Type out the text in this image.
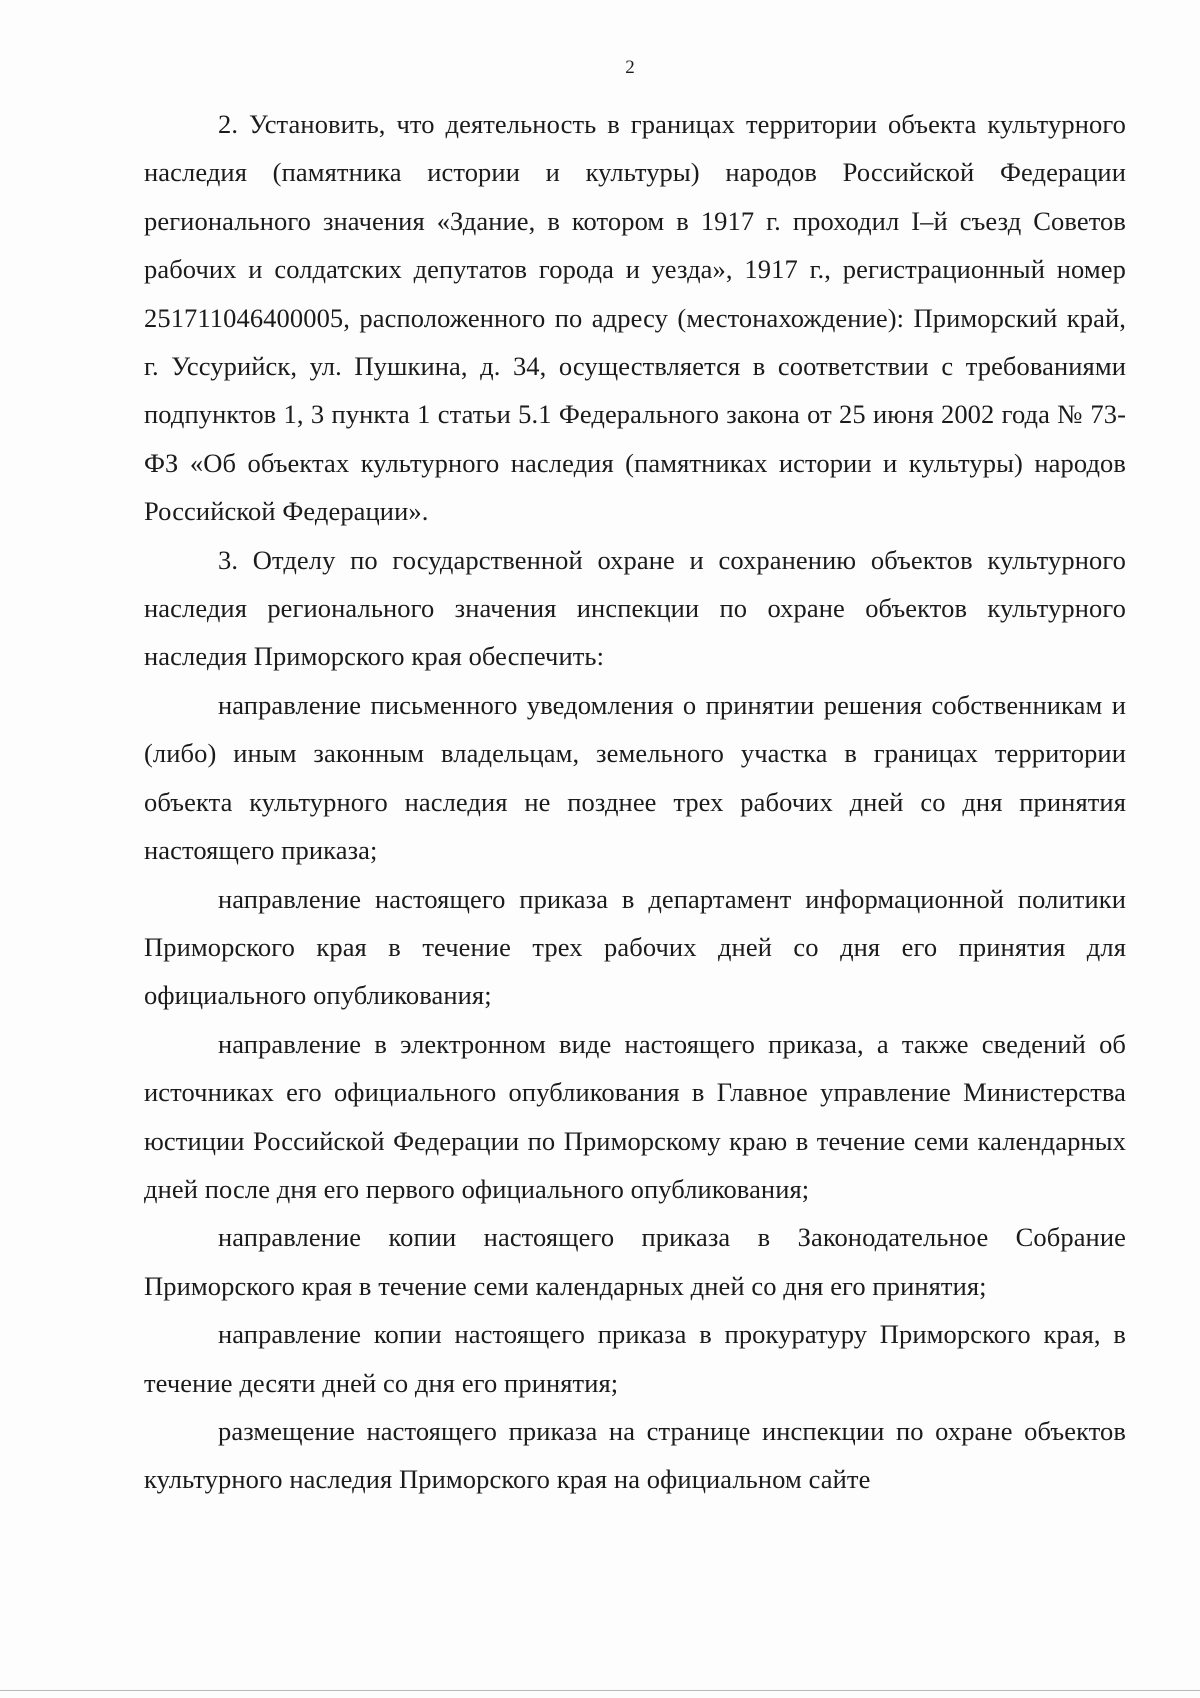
2

2. Установить, что деятельность в границах территории объекта культурного наследия (памятника истории и культуры) народов Российской Федерации регионального значения «Здание, в котором в 1917 г. проходил I–й съезд Советов рабочих и солдатских депутатов города и уезда», 1917 г., регистрационный номер 251711046400005, расположенного по адресу (местонахождение): Приморский край, г. Уссурийск, ул. Пушкина, д. 34, осуществляется в соответствии с требованиями подпунктов 1, 3 пункта 1 статьи 5.1 Федерального закона от 25 июня 2002 года № 73-ФЗ «Об объектах культурного наследия (памятниках истории и культуры) народов Российской Федерации».

3. Отделу по государственной охране и сохранению объектов культурного наследия регионального значения инспекции по охране объектов культурного наследия Приморского края обеспечить:

направление письменного уведомления о принятии решения собственникам и (либо) иным законным владельцам, земельного участка в границах территории объекта культурного наследия не позднее трех рабочих дней со дня принятия настоящего приказа;

направление настоящего приказа в департамент информационной политики Приморского края в течение трех рабочих дней со дня его принятия для официального опубликования;

направление в электронном виде настоящего приказа, а также сведений об источниках его официального опубликования в Главное управление Министерства юстиции Российской Федерации по Приморскому краю в течение семи календарных дней после дня его первого официального опубликования;

направление копии настоящего приказа в Законодательное Собрание Приморского края в течение семи календарных дней со дня его принятия;

направление копии настоящего приказа в прокуратуру Приморского края, в течение десяти дней со дня его принятия;

размещение настоящего приказа на странице инспекции по охране объектов культурного наследия Приморского края на официальном сайте
